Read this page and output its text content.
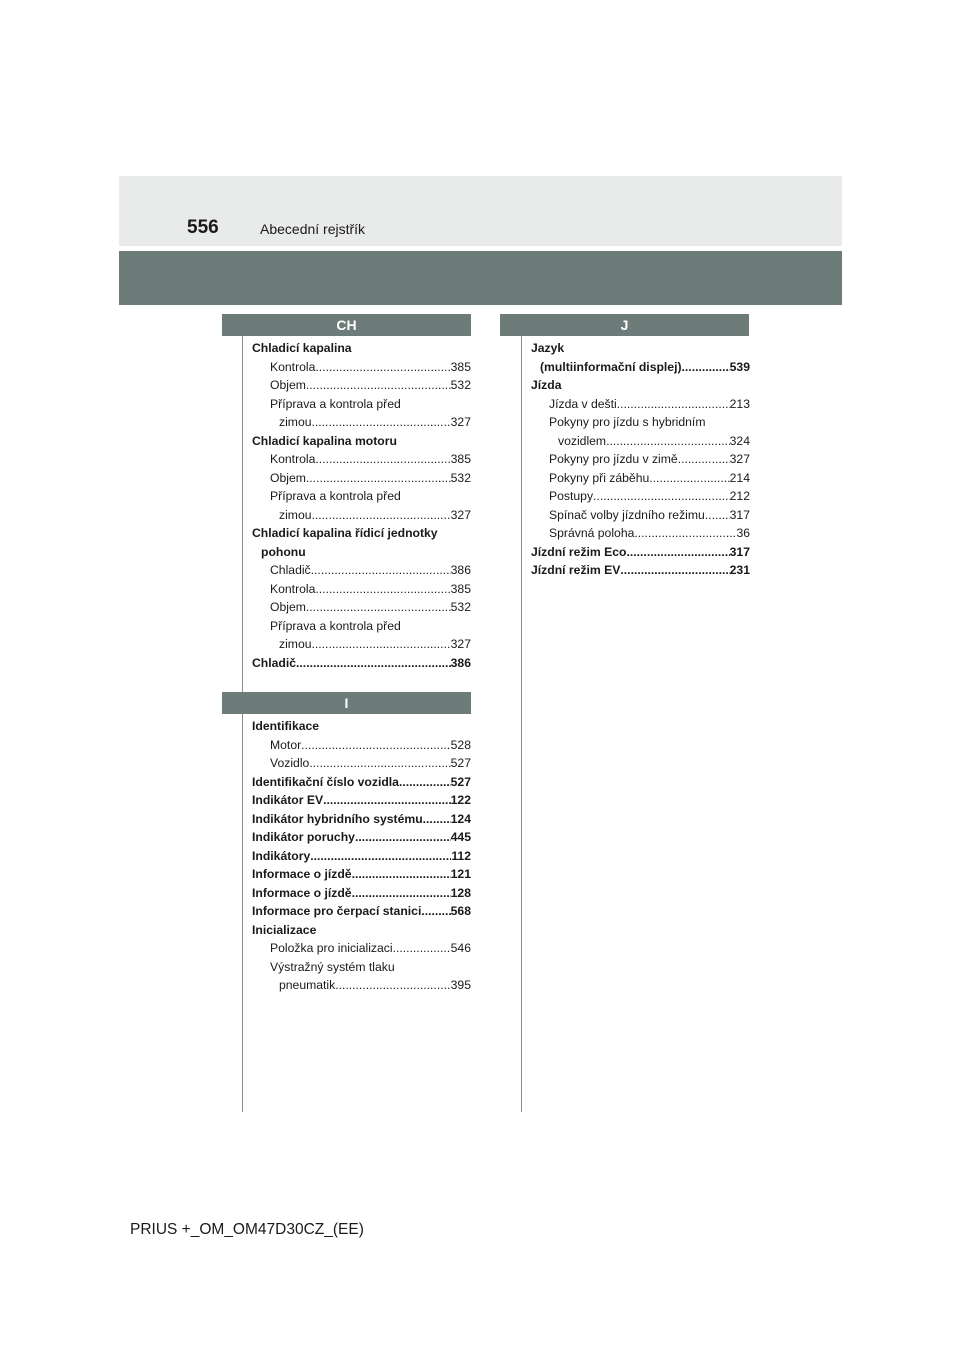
556	Abecední rejstřík
CH
Chladicí kapalina
Kontrola .....	385
Objem .....	532
Příprava a kontrola před
zimou .....	327
Chladicí kapalina motoru
Kontrola .....	385
Objem .....	532
Příprava a kontrola před
zimou .....	327
Chladicí kapalina řídicí jednotky
pohonu
Chladič .....	386
Kontrola .....	385
Objem .....	532
Příprava a kontrola před
zimou .....	327
Chladič .....	386
I
Identifikace
Motor .....	528
Vozidlo .....	527
Identifikační číslo vozidla .....	527
Indikátor EV .....	122
Indikátor hybridního systému ..... 124
Indikátor poruchy .....	445
Indikátory .....	112
Informace o jízdě .....	121
Informace o jízdě .....	128
Informace pro čerpací stanici ..... 568
Inicializace
Položka pro inicializaci .....	546
Výstražný systém tlaku
pneumatik .....	395
J
Jazyk
(multiinformační displej) .....	539
Jízda
Jízda v dešti .....	213
Pokyny pro jízdu s hybridním
vozidlem .....	324
Pokyny pro jízdu v zimě .....	327
Pokyny při záběhu .....	214
Postupy .....	212
Spínač volby jízdního režimu ..... 317
Správná poloha .....	36
Jízdní režim Eco .....	317
Jízdní režim EV .....	231
PRIUS +_OM_OM47D30CZ_(EE)
